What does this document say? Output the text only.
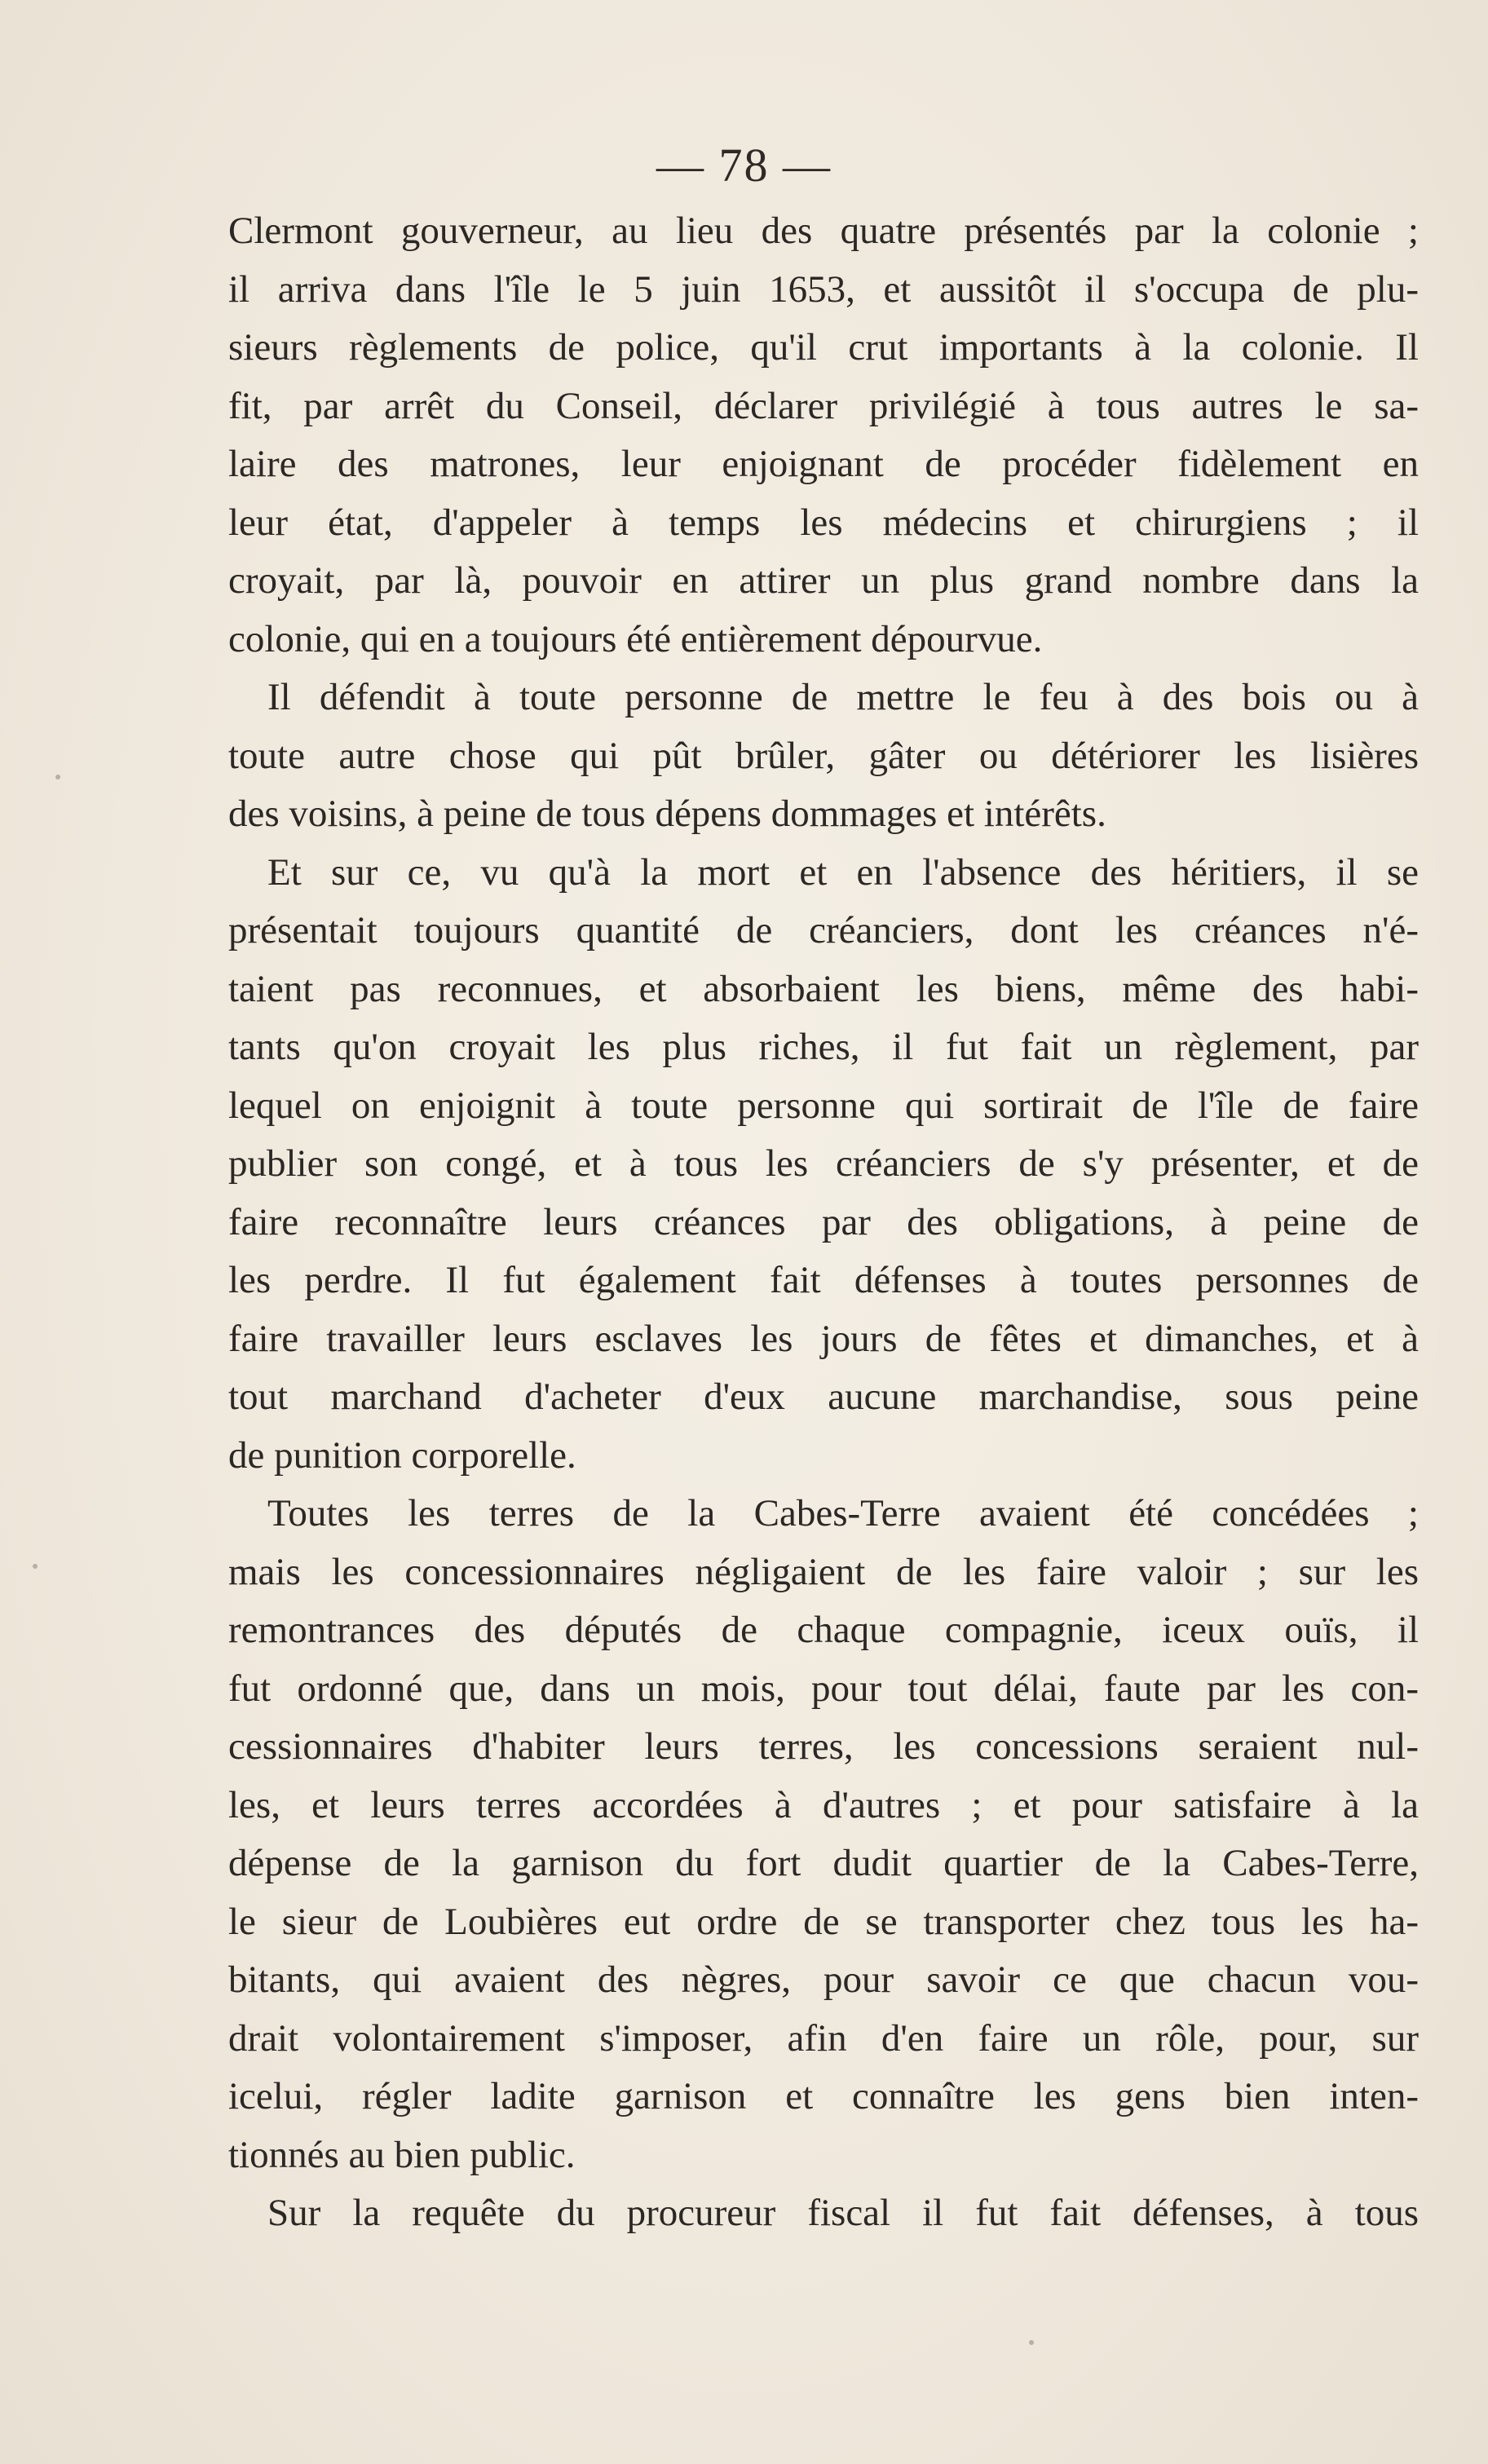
— 78 —
Clermont gouverneur, au lieu des quatre présentés par la colonie ;
il arriva dans l'île le 5 juin 1653, et aussitôt il s'occupa de plu-
sieurs règlements de police, qu'il crut importants à la colonie. Il
fit, par arrêt du Conseil, déclarer privilégié à tous autres le sa-
laire des matrones, leur enjoignant de procéder fidèlement en
leur état, d'appeler à temps les médecins et chirurgiens ; il
croyait, par là, pouvoir en attirer un plus grand nombre dans la
colonie, qui en a toujours été entièrement dépourvue.
Il défendit à toute personne de mettre le feu à des bois ou à
toute autre chose qui pût brûler, gâter ou détériorer les lisières
des voisins, à peine de tous dépens dommages et intérêts.
Et sur ce, vu qu'à la mort et en l'absence des héritiers, il se
présentait toujours quantité de créanciers, dont les créances n'é-
taient pas reconnues, et absorbaient les biens, même des habi-
tants qu'on croyait les plus riches, il fut fait un règlement, par
lequel on enjoignit à toute personne qui sortirait de l'île de faire
publier son congé, et à tous les créanciers de s'y présenter, et de
faire reconnaître leurs créances par des obligations, à peine de
les perdre. Il fut également fait défenses à toutes personnes de
faire travailler leurs esclaves les jours de fêtes et dimanches, et à
tout marchand d'acheter d'eux aucune marchandise, sous peine
de punition corporelle.
Toutes les terres de la Cabes-Terre avaient été concédées ;
mais les concessionnaires négligaient de les faire valoir ; sur les
remontrances des députés de chaque compagnie, iceux ouïs, il
fut ordonné que, dans un mois, pour tout délai, faute par les con-
cessionnaires d'habiter leurs terres, les concessions seraient nul-
les, et leurs terres accordées à d'autres ; et pour satisfaire à la
dépense de la garnison du fort dudit quartier de la Cabes-Terre,
le sieur de Loubières eut ordre de se transporter chez tous les ha-
bitants, qui avaient des nègres, pour savoir ce que chacun vou-
drait volontairement s'imposer, afin d'en faire un rôle, pour, sur
icelui, régler ladite garnison et connaître les gens bien inten-
tionnés au bien public.
Sur la requête du procureur fiscal il fut fait défenses, à tous
